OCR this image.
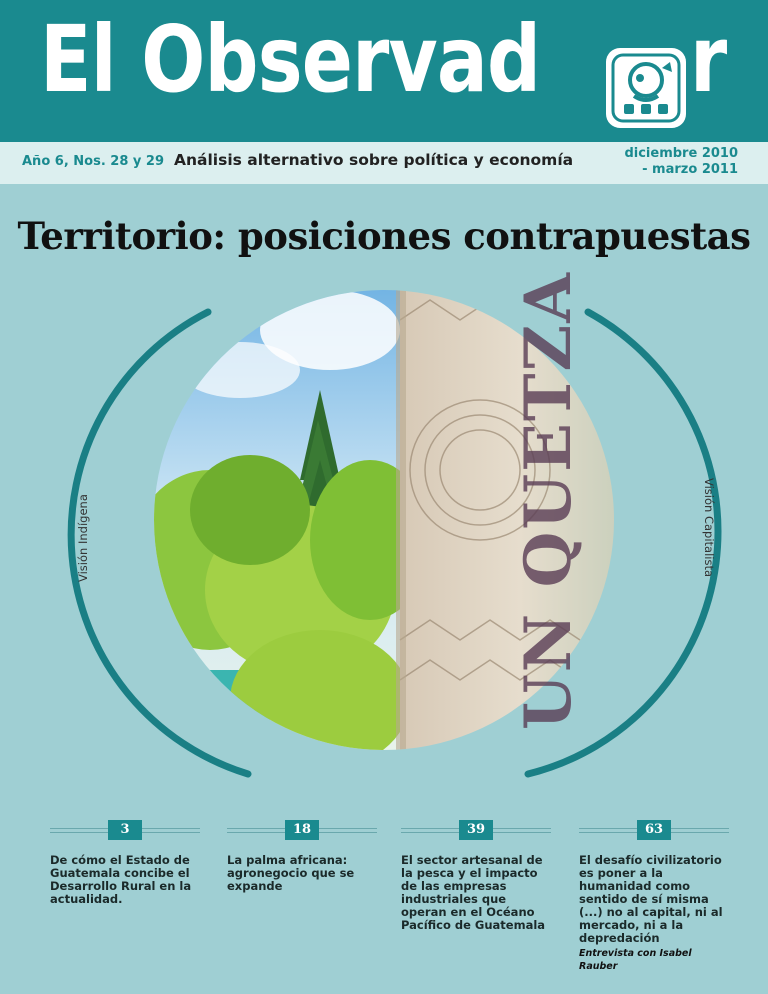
El Observad r
Año 6, Nos. 28 y 29 Análisis alternativo sobre política y economía	diciembre 2010
- marzo 2011
Territorio: posiciones contrapuestas
UN QUETZA
Visión Indígena	Visión Capitalista
3
De cómo el Estado de Guatemala concibe el Desarrollo Rural en la actualidad.
18
La palma africana: agronegocio que se expande
39
El sector artesanal de la pesca y el impacto de las empresas industriales que operan en el Océano Pacífico de Guatemala
63
El desafío civilizatorio es poner a la humanidad como sentido de sí misma (...) no al capital, ni al mercado, ni a la depredación
Entrevista con Isabel Rauber
